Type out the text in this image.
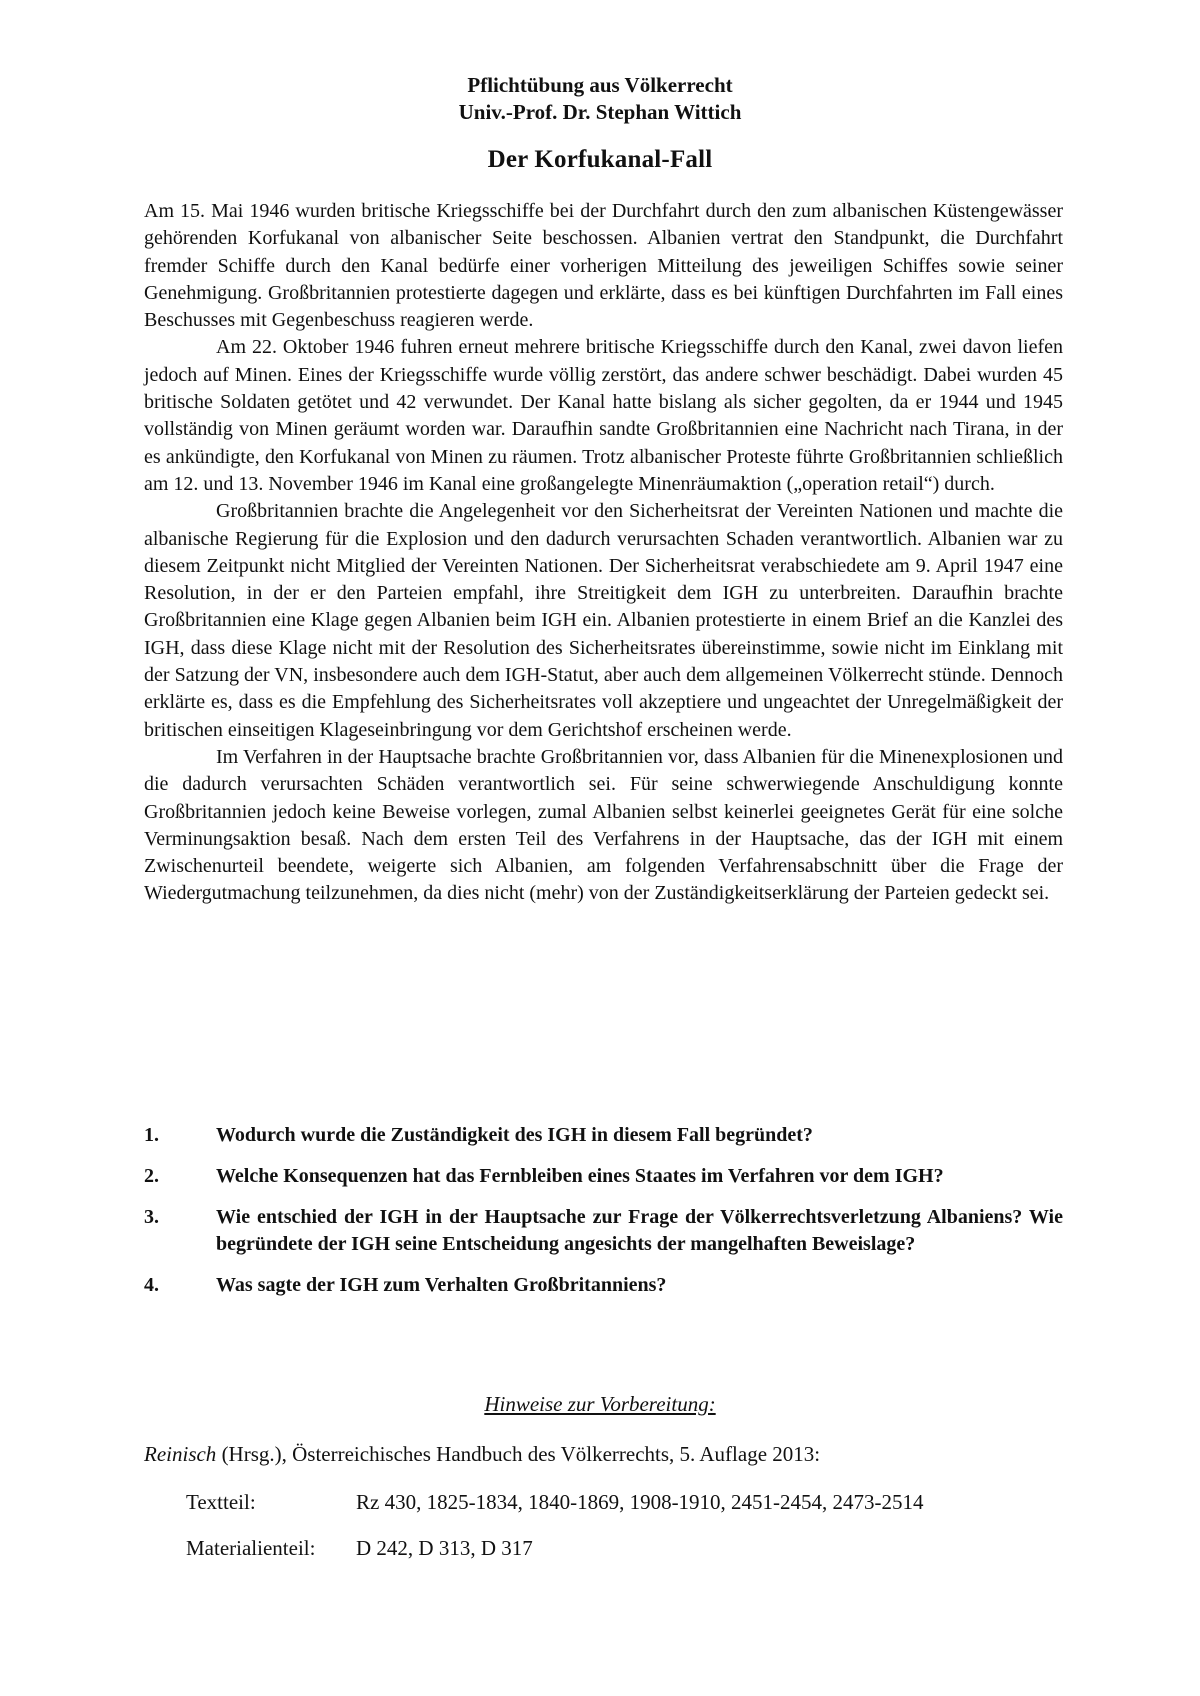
Pflichtübung aus Völkerrecht
Univ.-Prof. Dr. Stephan Wittich
Der Korfukanal-Fall

Am 15. Mai 1946 wurden britische Kriegsschiffe bei der Durchfahrt durch den zum albanischen Küstengewässer gehörenden Korfukanal von albanischer Seite beschossen. Albanien vertrat den Standpunkt, die Durchfahrt fremder Schiffe durch den Kanal bedürfe einer vorherigen Mitteilung des jeweiligen Schiffes sowie seiner Genehmigung. Großbritannien protestierte dagegen und erklärte, dass es bei künftigen Durchfahrten im Fall eines Beschusses mit Gegenbeschuss reagieren werde.

Am 22. Oktober 1946 fuhren erneut mehrere britische Kriegsschiffe durch den Kanal, zwei davon liefen jedoch auf Minen. Eines der Kriegsschiffe wurde völlig zerstört, das andere schwer beschädigt. Dabei wurden 45 britische Soldaten getötet und 42 verwundet. Der Kanal hatte bislang als sicher gegolten, da er 1944 und 1945 vollständig von Minen geräumt worden war. Daraufhin sandte Großbritannien eine Nachricht nach Tirana, in der es ankündigte, den Korfukanal von Minen zu räumen. Trotz albanischer Proteste führte Großbritannien schließlich am 12. und 13. November 1946 im Kanal eine großangelegte Minenräumaktion („operation retail“) durch.

Großbritannien brachte die Angelegenheit vor den Sicherheitsrat der Vereinten Nationen und machte die albanische Regierung für die Explosion und den dadurch verursachten Schaden verantwortlich. Albanien war zu diesem Zeitpunkt nicht Mitglied der Vereinten Nationen. Der Sicherheitsrat verabschiedete am 9. April 1947 eine Resolution, in der er den Parteien empfahl, ihre Streitigkeit dem IGH zu unterbreiten. Daraufhin brachte Großbritannien eine Klage gegen Albanien beim IGH ein. Albanien protestierte in einem Brief an die Kanzlei des IGH, dass diese Klage nicht mit der Resolution des Sicherheitsrates übereinstimme, sowie nicht im Einklang mit der Satzung der VN, insbesondere auch dem IGH-Statut, aber auch dem allgemeinen Völkerrecht stünde. Dennoch erklärte es, dass es die Empfehlung des Sicherheitsrates voll akzeptiere und ungeachtet der Unregelmäßigkeit der britischen einseitigen Klageseinbringung vor dem Gerichtshof erscheinen werde.

Im Verfahren in der Hauptsache brachte Großbritannien vor, dass Albanien für die Minenexplosionen und die dadurch verursachten Schäden verantwortlich sei. Für seine schwerwiegende Anschuldigung konnte Großbritannien jedoch keine Beweise vorlegen, zumal Albanien selbst keinerlei geeignetes Gerät für eine solche Verminungsaktion besaß. Nach dem ersten Teil des Verfahrens in der Hauptsache, das der IGH mit einem Zwischenurteil beendete, weigerte sich Albanien, am folgenden Verfahrensabschnitt über die Frage der Wiedergutmachung teilzunehmen, da dies nicht (mehr) von der Zuständigkeitserklärung der Parteien gedeckt sei.

1.	Wodurch wurde die Zuständigkeit des IGH in diesem Fall begründet?
2.	Welche Konsequenzen hat das Fernbleiben eines Staates im Verfahren vor dem IGH?
3.	Wie entschied der IGH in der Hauptsache zur Frage der Völkerrechtsverletzung Albaniens? Wie begründete der IGH seine Entscheidung angesichts der mangelhaften Beweislage?
4.	Was sagte der IGH zum Verhalten Großbritanniens?
Hinweise zur Vorbereitung:
Reinisch (Hrsg.), Österreichisches Handbuch des Völkerrechts, 5. Auflage 2013:
Textteil:	Rz 430, 1825-1834, 1840-1869, 1908-1910, 2451-2454, 2473-2514
Materialienteil:	D 242, D 313, D 317
